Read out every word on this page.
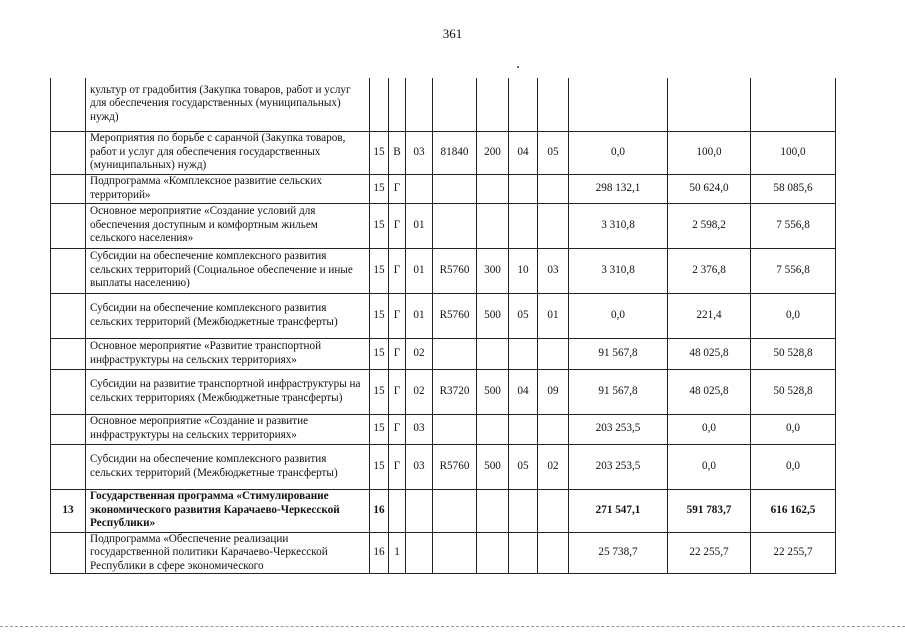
361
	культур от градобития (Закупка товаров, работ и услуг для обеспечения государственных (муниципальных) нужд)										
	Мероприятия по борьбе с саранчой (Закупка товаров, работ и услуг для обеспечения государственных (муниципальных) нужд)	15	В	03	81840	200	04	05	0,0	100,0	100,0
	Подпрограмма «Комплексное развитие сельских территорий»	15	Г						298 132,1	50 624,0	58 085,6
	Основное мероприятие «Создание условий для обеспечения доступным и комфортным жильем сельского населения»	15	Г	01					3 310,8	2 598,2	7 556,8
	Субсидии на обеспечение комплексного развития сельских территорий (Социальное обеспечение и иные выплаты населению)	15	Г	01	R5760	300	10	03	3 310,8	2 376,8	7 556,8
	Субсидии на обеспечение комплексного развития сельских территорий (Межбюджетные трансферты)	15	Г	01	R5760	500	05	01	0,0	221,4	0,0
	Основное мероприятие «Развитие транспортной инфраструктуры на сельских территориях»	15	Г	02					91 567,8	48 025,8	50 528,8
	Субсидии на развитие транспортной инфраструктуры на сельских территориях (Межбюджетные трансферты)	15	Г	02	R3720	500	04	09	91 567,8	48 025,8	50 528,8
	Основное мероприятие «Создание и развитие инфраструктуры на сельских территориях»	15	Г	03					203 253,5	0,0	0,0
	Субсидии на обеспечение комплексного развития сельских территорий (Межбюджетные трансферты)	15	Г	03	R5760	500	05	02	203 253,5	0,0	0,0
13	Государственная программа «Стимулирование экономического развития Карачаево-Черкесской Республики»	16							271 547,1	591 783,7	616 162,5
	Подпрограмма «Обеспечение реализации государственной политики Карачаево-Черкесской Республики в сфере экономического	16	1						25 738,7	22 255,7	22 255,7
